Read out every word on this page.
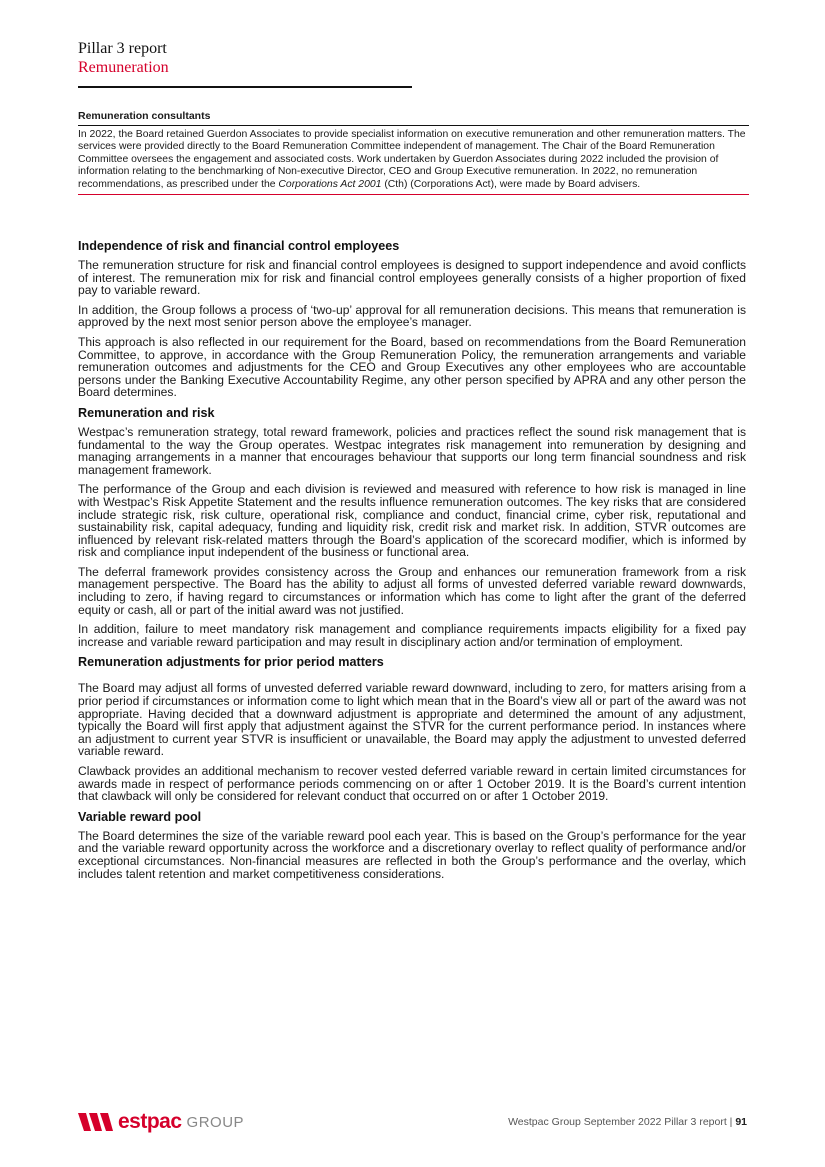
Pillar 3 report
Remuneration
Remuneration consultants
In 2022, the Board retained Guerdon Associates to provide specialist information on executive remuneration and other remuneration matters. The services were provided directly to the Board Remuneration Committee independent of management. The Chair of the Board Remuneration Committee oversees the engagement and associated costs. Work undertaken by Guerdon Associates during 2022 included the provision of information relating to the benchmarking of Non-executive Director, CEO and Group Executive remuneration. In 2022, no remuneration recommendations, as prescribed under the Corporations Act 2001 (Cth) (Corporations Act), were made by Board advisers.
Independence of risk and financial control employees

The remuneration structure for risk and financial control employees is designed to support independence and avoid conflicts of interest. The remuneration mix for risk and financial control employees generally consists of a higher proportion of fixed pay to variable reward.

In addition, the Group follows a process of ‘two-up’ approval for all remuneration decisions. This means that remuneration is approved by the next most senior person above the employee’s manager.

This approach is also reflected in our requirement for the Board, based on recommendations from the Board Remuneration Committee, to approve, in accordance with the Group Remuneration Policy, the remuneration arrangements and variable remuneration outcomes and adjustments for the CEO and Group Executives any other employees who are accountable persons under the Banking Executive Accountability Regime, any other person specified by APRA and any other person the Board determines.

Remuneration and risk

Westpac’s remuneration strategy, total reward framework, policies and practices reflect the sound risk management that is fundamental to the way the Group operates. Westpac integrates risk management into remuneration by designing and managing arrangements in a manner that encourages behaviour that supports our long term financial soundness and risk management framework.

The performance of the Group and each division is reviewed and measured with reference to how risk is managed in line with Westpac’s Risk Appetite Statement and the results influence remuneration outcomes. The key risks that are considered include strategic risk, risk culture, operational risk, compliance and conduct, financial crime, cyber risk, reputational and sustainability risk, capital adequacy, funding and liquidity risk, credit risk and market risk. In addition, STVR outcomes are influenced by relevant risk-related matters through the Board’s application of the scorecard modifier, which is informed by risk and compliance input independent of the business or functional area.

The deferral framework provides consistency across the Group and enhances our remuneration framework from a risk management perspective. The Board has the ability to adjust all forms of unvested deferred variable reward downwards, including to zero, if having regard to circumstances or information which has come to light after the grant of the deferred equity or cash, all or part of the initial award was not justified.

In addition, failure to meet mandatory risk management and compliance requirements impacts eligibility for a fixed pay increase and variable reward participation and may result in disciplinary action and/or termination of employment.

Remuneration adjustments for prior period matters

The Board may adjust all forms of unvested deferred variable reward downward, including to zero, for matters arising from a prior period if circumstances or information come to light which mean that in the Board’s view all or part of the award was not appropriate. Having decided that a downward adjustment is appropriate and determined the amount of any adjustment, typically the Board will first apply that adjustment against the STVR for the current performance period. In instances where an adjustment to current year STVR is insufficient or unavailable, the Board may apply the adjustment to unvested deferred variable reward.

Clawback provides an additional mechanism to recover vested deferred variable reward in certain limited circumstances for awards made in respect of performance periods commencing on or after 1 October 2019. It is the Board’s current intention that clawback will only be considered for relevant conduct that occurred on or after 1 October 2019.

Variable reward pool

The Board determines the size of the variable reward pool each year. This is based on the Group’s performance for the year and the variable reward opportunity across the workforce and a discretionary overlay to reflect quality of performance and/or exceptional circumstances. Non-financial measures are reflected in both the Group’s performance and the overlay, which includes talent retention and market competitiveness considerations.

estpac GROUP	Westpac Group September 2022 Pillar 3 report | 91
